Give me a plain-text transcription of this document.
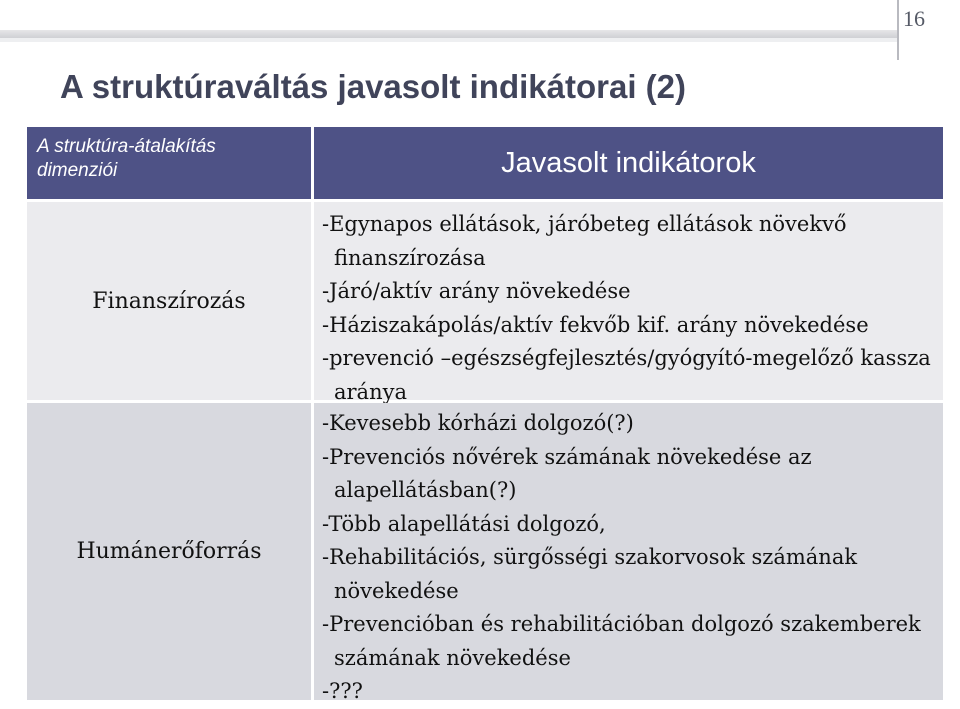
16
A struktúraváltás javasolt indikátorai (2)
A struktúra-átalakítás dimenziói	Javasolt indikátorok
Finanszírozás
-Egynapos ellátások, járóbeteg ellátások növekvő finanszírozása
-Járó/aktív arány növekedése
-Háziszakápolás/aktív fekvőb kif. arány növekedése
-prevenció –egészségfejlesztés/gyógyító-megelőző kassza aránya
Humánerőforrás
-Kevesebb kórházi dolgozó(?)
-Prevenciós nővérek számának növekedése az alapellátásban(?)
-Több alapellátási dolgozó,
-Rehabilitációs, sürgősségi szakorvosok számának növekedése
-Prevencióban és rehabilitációban dolgozó szakemberek számának növekedése
-???
